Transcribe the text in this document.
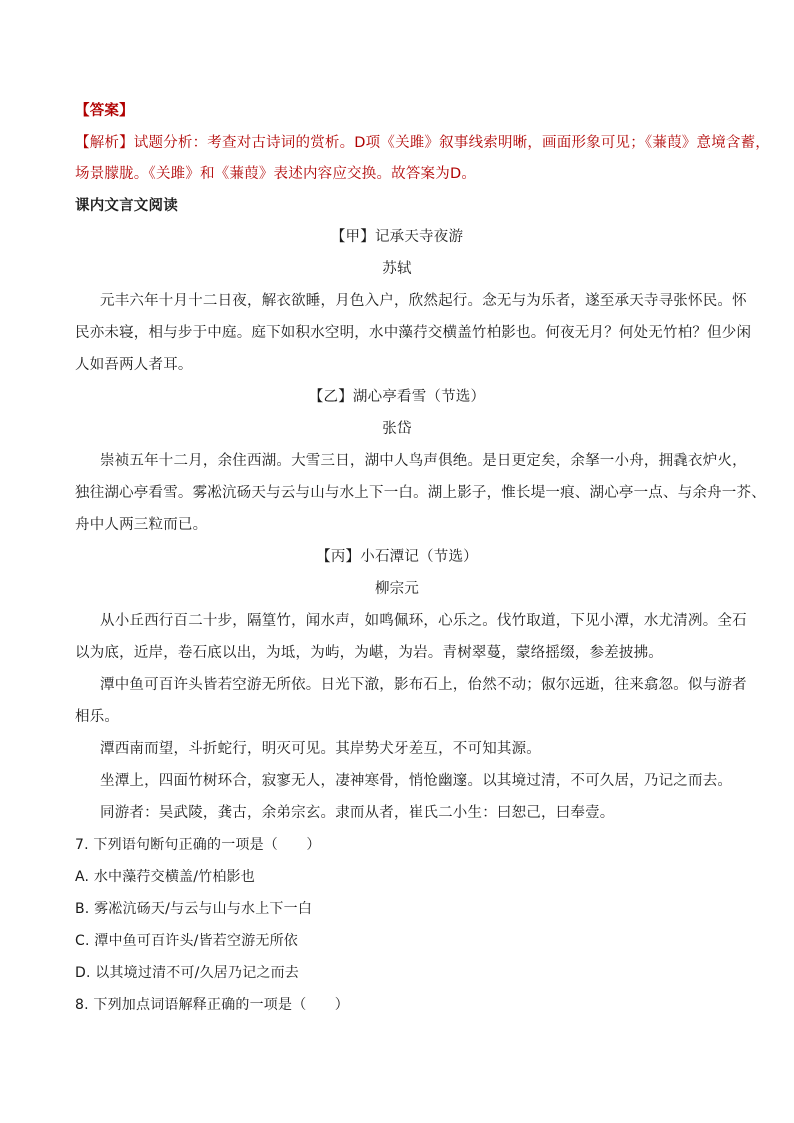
【答案】
【解析】试题分析：考查对古诗词的赏析。D项《关雎》叙事线索明晰，画面形象可见；《蒹葭》意境含蓄，
场景朦胧。《关雎》和《蒹葭》表述内容应交换。故答案为D。
课内文言文阅读
【甲】记承天寺夜游
苏轼
元丰六年十月十二日夜，解衣欲睡，月色入户，欣然起行。念无与为乐者，遂至承天寺寻张怀民。怀
民亦未寝，相与步于中庭。庭下如积水空明，水中藻荇交横盖竹柏影也。何夜无月？何处无竹柏？但少闲
人如吾两人者耳。
【乙】湖心亭看雪（节选）
张岱
崇祯五年十二月，余住西湖。大雪三日，湖中人鸟声俱绝。是日更定矣，余拏一小舟，拥毳衣炉火，
独往湖心亭看雪。雾凇沆砀天与云与山与水上下一白。湖上影子，惟长堤一痕、湖心亭一点、与余舟一芥、
舟中人两三粒而已。
【丙】小石潭记（节选）
柳宗元
从小丘西行百二十步，隔篁竹，闻水声，如鸣佩环，心乐之。伐竹取道，下见小潭，水尤清冽。全石
以为底，近岸，卷石底以出，为坻，为屿，为嵁，为岩。青树翠蔓，蒙络摇缀，参差披拂。
潭中鱼可百许头皆若空游无所依。日光下澈，影布石上，佁然不动；俶尔远逝，往来翕忽。似与游者
相乐。
潭西南而望，斗折蛇行，明灭可见。其岸势犬牙差互，不可知其源。
坐潭上，四面竹树环合，寂寥无人，凄神寒骨，悄怆幽邃。以其境过清，不可久居，乃记之而去。
同游者：吴武陵，龚古，余弟宗玄。隶而从者，崔氏二小生：曰恕己，曰奉壹。
7. 下列语句断句正确的一项是（　　）
A. 水中藻荇交横盖/竹柏影也
B. 雾凇沆砀天/与云与山与水上下一白
C. 潭中鱼可百许头/皆若空游无所依
D. 以其境过清不可/久居乃记之而去
8. 下列加点词语解释正确的一项是（　　）
